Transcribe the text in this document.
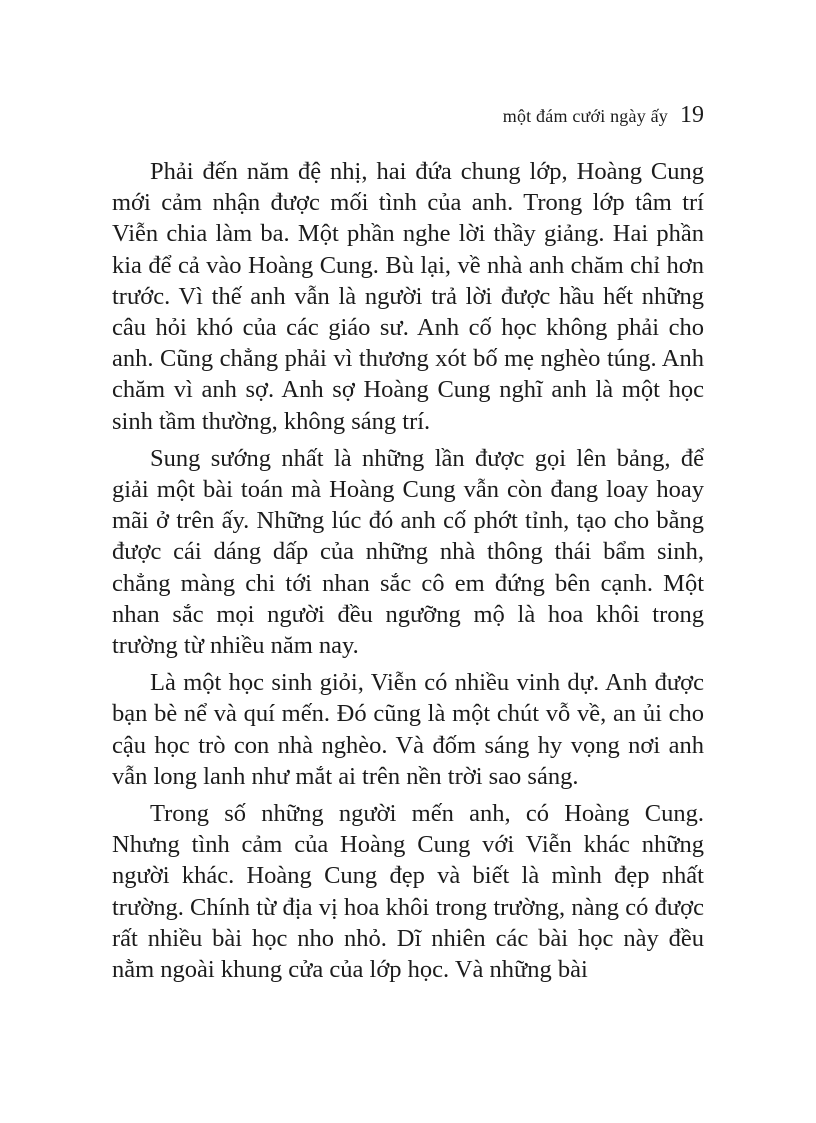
một đám cưới ngày ấy 19

Phải đến năm đệ nhị, hai đứa chung lớp, Hoàng Cung mới cảm nhận được mối tình của anh. Trong lớp tâm trí Viễn chia làm ba. Một phần nghe lời thầy giảng. Hai phần kia để cả vào Hoàng Cung. Bù lại, về nhà anh chăm chỉ hơn trước. Vì thế anh vẫn là người trả lời được hầu hết những câu hỏi khó của các giáo sư. Anh cố học không phải cho anh. Cũng chẳng phải vì thương xót bố mẹ nghèo túng. Anh chăm vì anh sợ. Anh sợ Hoàng Cung nghĩ anh là một học sinh tầm thường, không sáng trí.

Sung sướng nhất là những lần được gọi lên bảng, để giải một bài toán mà Hoàng Cung vẫn còn đang loay hoay mãi ở trên ấy. Những lúc đó anh cố phớt tỉnh, tạo cho bằng được cái dáng dấp của những nhà thông thái bẩm sinh, chẳng màng chi tới nhan sắc cô em đứng bên cạnh. Một nhan sắc mọi người đều ngưỡng mộ là hoa khôi trong trường từ nhiều năm nay.

Là một học sinh giỏi, Viễn có nhiều vinh dự. Anh được bạn bè nể và quí mến. Đó cũng là một chút vỗ về, an ủi cho cậu học trò con nhà nghèo. Và đốm sáng hy vọng nơi anh vẫn long lanh như mắt ai trên nền trời sao sáng.

Trong số những người mến anh, có Hoàng Cung. Nhưng tình cảm của Hoàng Cung với Viễn khác những người khác. Hoàng Cung đẹp và biết là mình đẹp nhất trường. Chính từ địa vị hoa khôi trong trường, nàng có được rất nhiều bài học nho nhỏ. Dĩ nhiên các bài học này đều nằm ngoài khung cửa của lớp học. Và những bài
